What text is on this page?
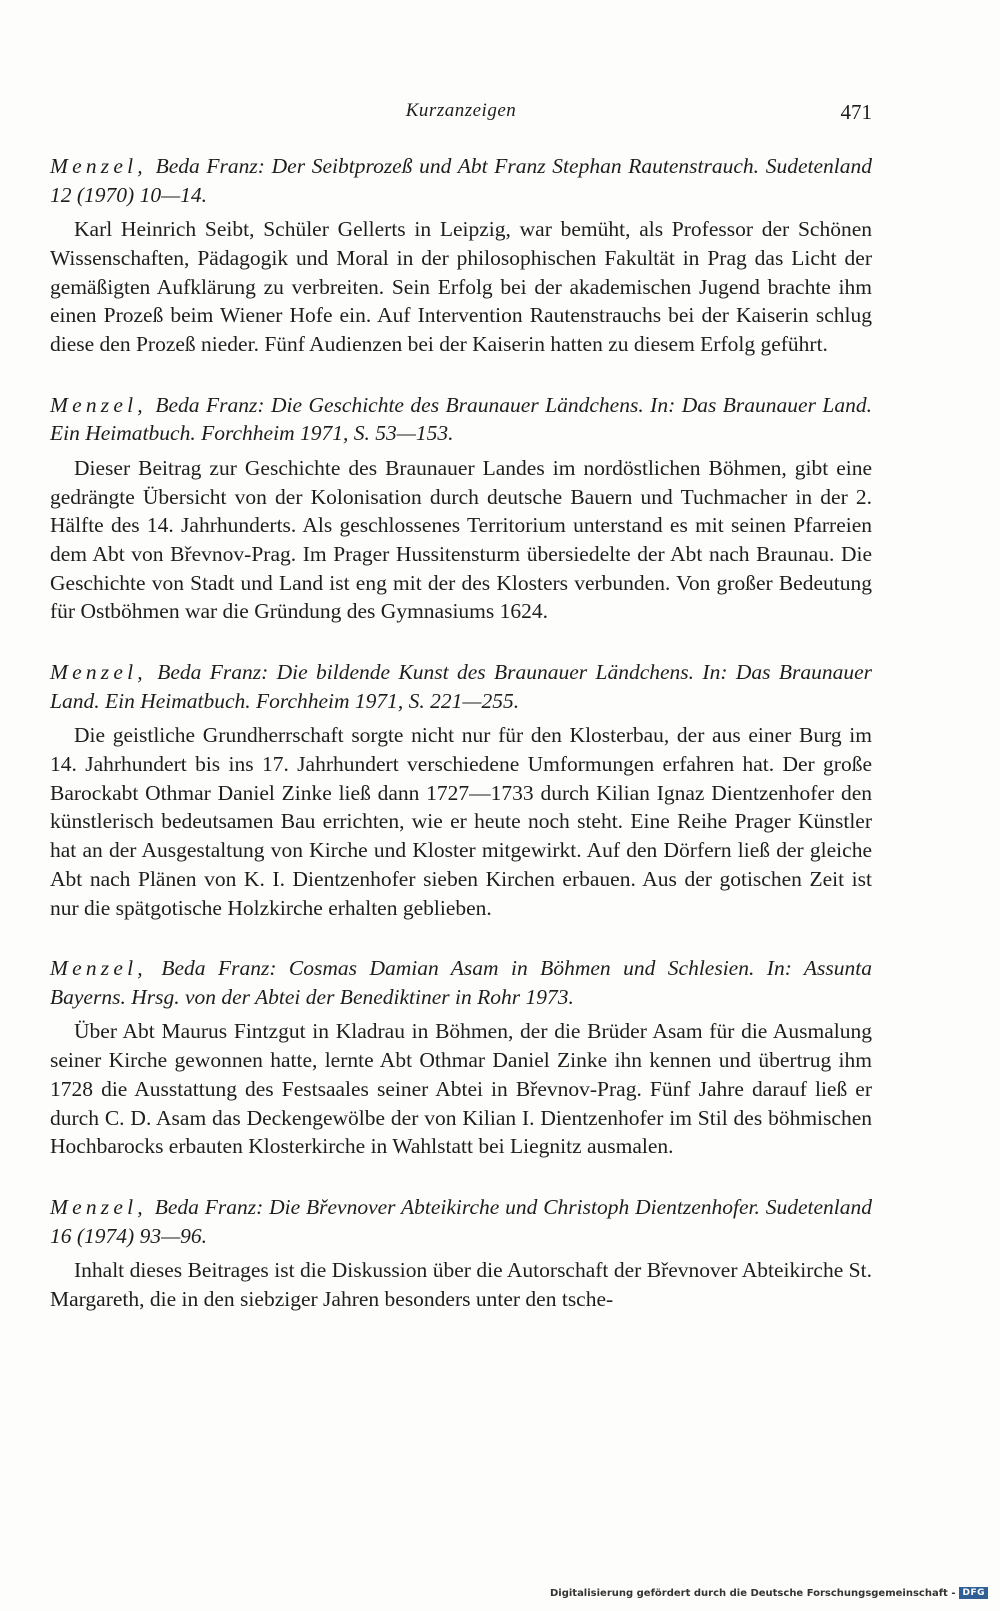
Kurzanzeigen	471

Menzel, Beda Franz: Der Seibtprozeß und Abt Franz Stephan Rautenstrauch. Sudetenland 12 (1970) 10—14.

Karl Heinrich Seibt, Schüler Gellerts in Leipzig, war bemüht, als Professor der Schönen Wissenschaften, Pädagogik und Moral in der philosophischen Fakultät in Prag das Licht der gemäßigten Aufklärung zu verbreiten. Sein Erfolg bei der akademischen Jugend brachte ihm einen Prozeß beim Wiener Hofe ein. Auf Intervention Rautenstrauchs bei der Kaiserin schlug diese den Prozeß nieder. Fünf Audienzen bei der Kaiserin hatten zu diesem Erfolg geführt.

Menzel, Beda Franz: Die Geschichte des Braunauer Ländchens. In: Das Braunauer Land. Ein Heimatbuch. Forchheim 1971, S. 53—153.

Dieser Beitrag zur Geschichte des Braunauer Landes im nordöstlichen Böhmen, gibt eine gedrängte Übersicht von der Kolonisation durch deutsche Bauern und Tuchmacher in der 2. Hälfte des 14. Jahrhunderts. Als geschlossenes Territorium unterstand es mit seinen Pfarreien dem Abt von Břevnov-Prag. Im Prager Hussitensturm übersiedelte der Abt nach Braunau. Die Geschichte von Stadt und Land ist eng mit der des Klosters verbunden. Von großer Bedeutung für Ostböhmen war die Gründung des Gymnasiums 1624.

Menzel, Beda Franz: Die bildende Kunst des Braunauer Ländchens. In: Das Braunauer Land. Ein Heimatbuch. Forchheim 1971, S. 221—255.

Die geistliche Grundherrschaft sorgte nicht nur für den Klosterbau, der aus einer Burg im 14. Jahrhundert bis ins 17. Jahrhundert verschiedene Umformungen erfahren hat. Der große Barockabt Othmar Daniel Zinke ließ dann 1727—1733 durch Kilian Ignaz Dientzenhofer den künstlerisch bedeutsamen Bau errichten, wie er heute noch steht. Eine Reihe Prager Künstler hat an der Ausgestaltung von Kirche und Kloster mitgewirkt. Auf den Dörfern ließ der gleiche Abt nach Plänen von K. I. Dientzenhofer sieben Kirchen erbauen. Aus der gotischen Zeit ist nur die spätgotische Holzkirche erhalten geblieben.

Menzel, Beda Franz: Cosmas Damian Asam in Böhmen und Schlesien. In: Assunta Bayerns. Hrsg. von der Abtei der Benediktiner in Rohr 1973.

Über Abt Maurus Fintzgut in Kladrau in Böhmen, der die Brüder Asam für die Ausmalung seiner Kirche gewonnen hatte, lernte Abt Othmar Daniel Zinke ihn kennen und übertrug ihm 1728 die Ausstattung des Festsaales seiner Abtei in Břevnov-Prag. Fünf Jahre darauf ließ er durch C. D. Asam das Deckengewölbe der von Kilian I. Dientzenhofer im Stil des böhmischen Hochbarocks erbauten Klosterkirche in Wahlstatt bei Liegnitz ausmalen.

Menzel, Beda Franz: Die Břevnover Abteikirche und Christoph Dientzenhofer. Sudetenland 16 (1974) 93—96.

Inhalt dieses Beitrages ist die Diskussion über die Autorschaft der Břevnover Abteikirche St. Margareth, die in den siebziger Jahren besonders unter den tsche-

Digitalisierung gefördert durch die Deutsche Forschungsgemeinschaft - DFG
